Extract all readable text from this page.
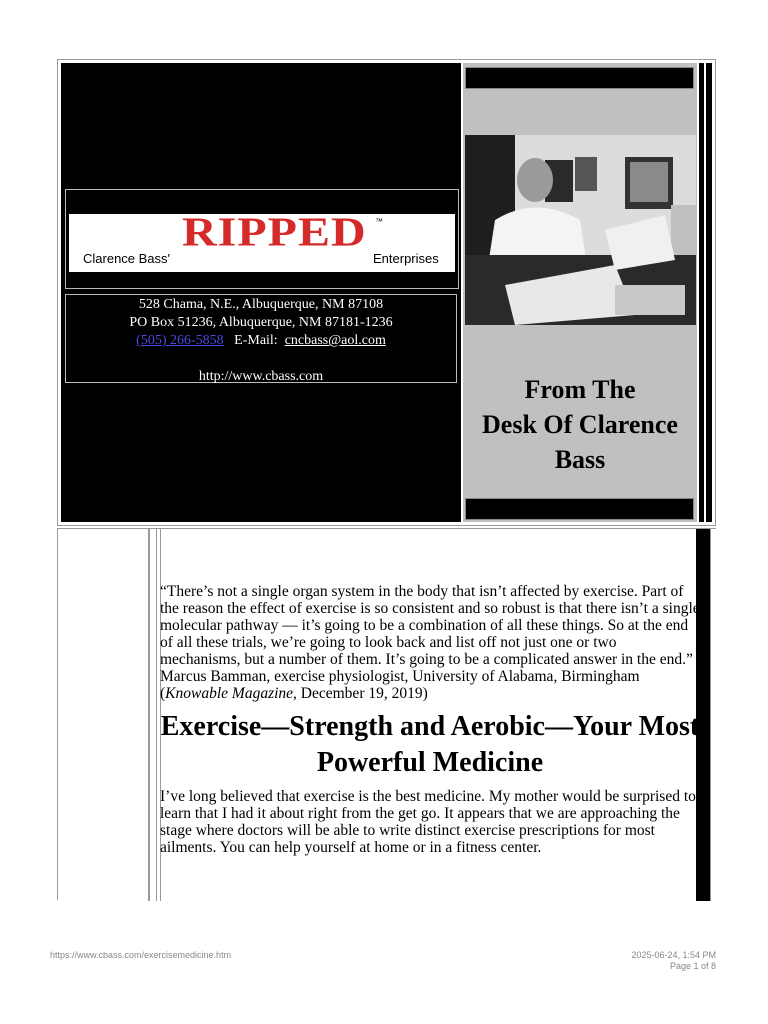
Clarence Bass'
RIPPED ™
Enterprises
528 Chama, N.E., Albuquerque, NM 87108
PO Box 51236, Albuquerque, NM 87181-1236
(505) 266-5858 E-Mail: cncbass@aol.com
http://www.cbass.com	From The
Desk Of Clarence
Bass
“There’s not a single organ system in the body that isn’t affected by exercise. Part of the reason the effect of exercise is so consistent and so robust is that there isn’t a single molecular pathway — it’s going to be a combination of all these things. So at the end of all these trials, we’re going to look back and list off not just one or two mechanisms, but a number of them. It’s going to be a complicated answer in the end.” Marcus Bamman, exercise physiologist, University of Alabama, Birmingham (Knowable Magazine, December 19, 2019)
Exercise—Strength and Aerobic—Your Most Powerful Medicine
I’ve long believed that exercise is the best medicine. My mother would be surprised to learn that I had it about right from the get go. It appears that we are approaching the stage where doctors will be able to write distinct exercise prescriptions for most ailments. You can help yourself at home or in a fitness center.
https://www.cbass.com/exercisemedicine.htm	2025-06-24, 1:54 PM
Page 1 of 8
